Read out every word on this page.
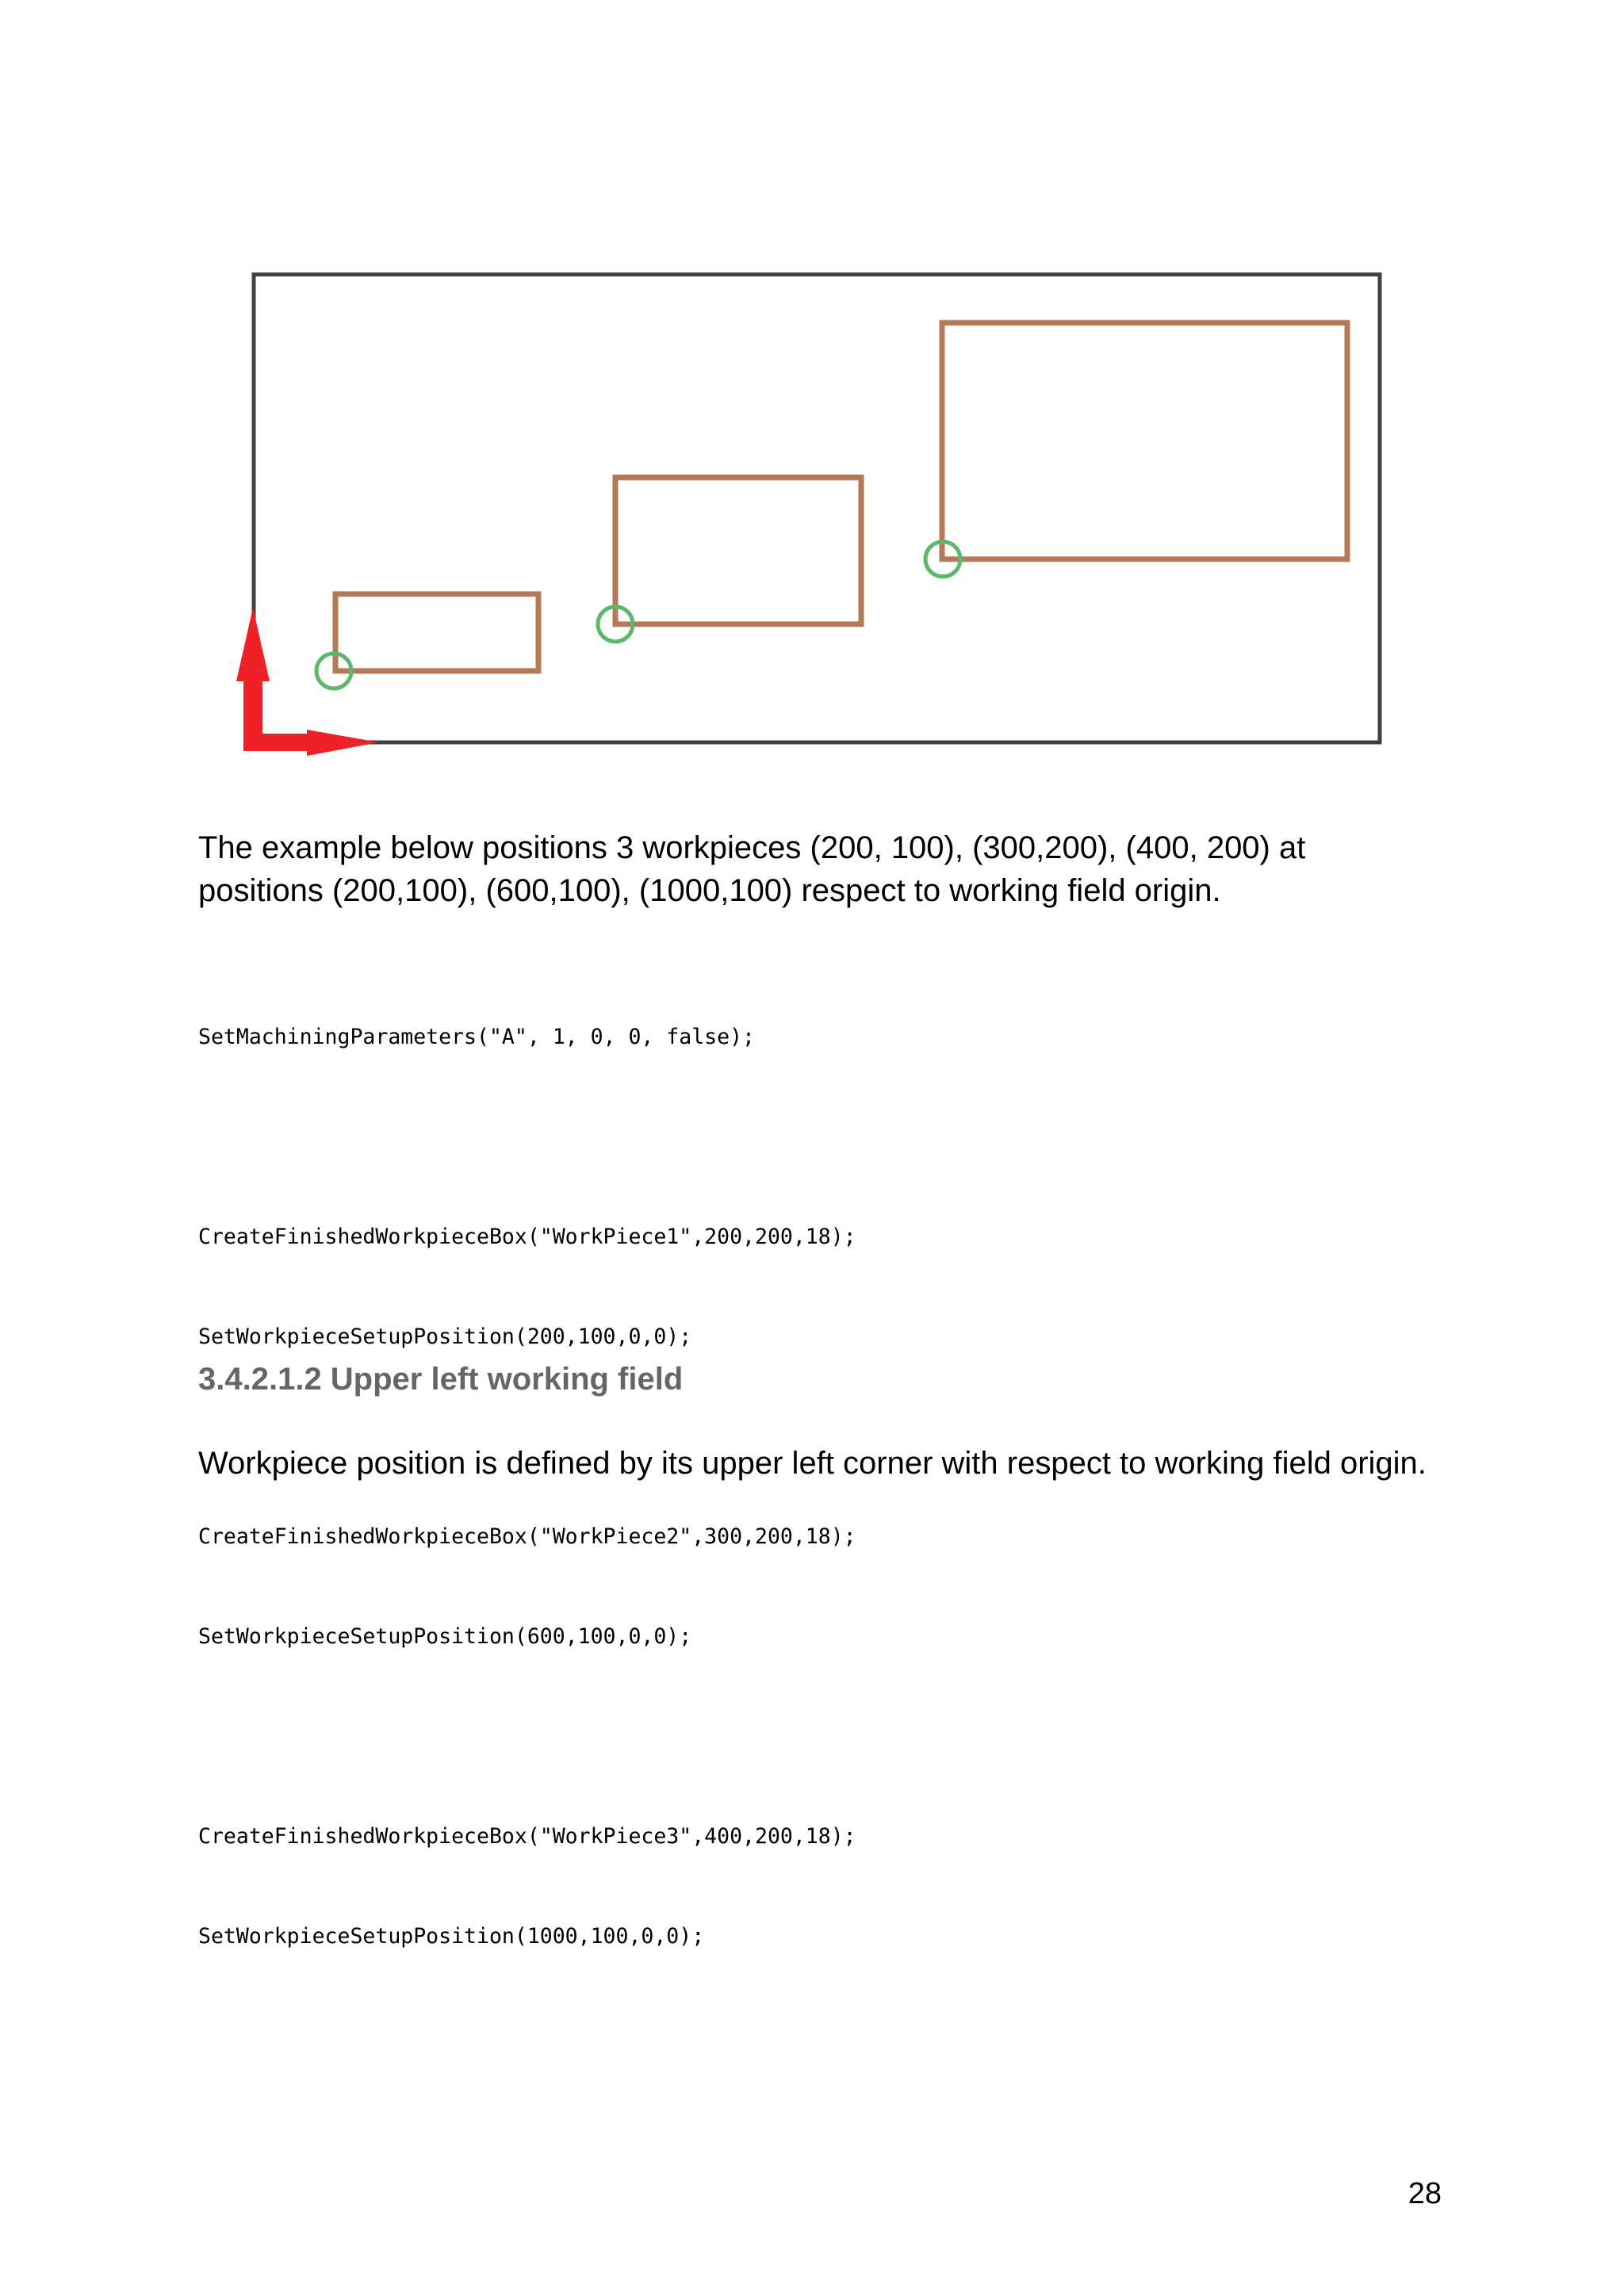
The example below positions 3 workpieces (200, 100), (300,200), (400, 200) at positions (200,100), (600,100), (1000,100) respect to working field origin.

SetMachiningParameters("A", 1, 0, 0, false);

CreateFinishedWorkpieceBox("WorkPiece1",200,200,18);

SetWorkpieceSetupPosition(200,100,0,0);

CreateFinishedWorkpieceBox("WorkPiece2",300,200,18);

SetWorkpieceSetupPosition(600,100,0,0);

CreateFinishedWorkpieceBox("WorkPiece3",400,200,18);

SetWorkpieceSetupPosition(1000,100,0,0);

3.4.2.1.2 Upper left working field

Workpiece position is defined by its upper left corner with respect to working field origin.

28
